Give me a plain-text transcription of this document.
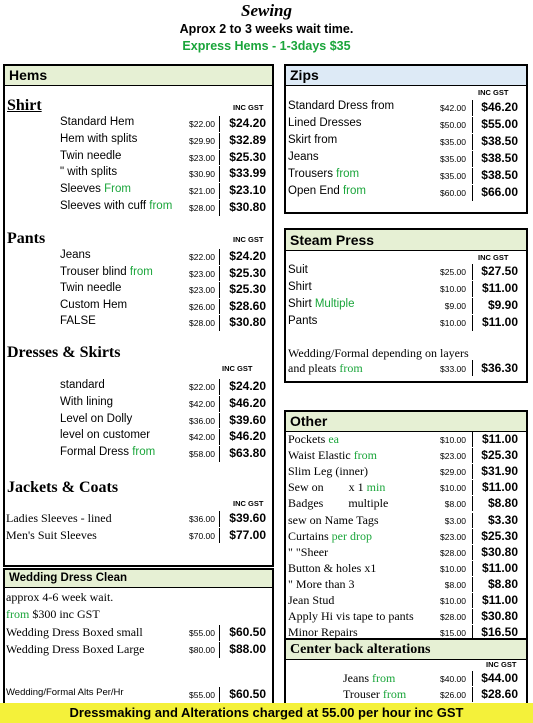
Sewing
Aprox 2 to 3 weeks wait time.
Express Hems - 1-3days $35
Hems
Shirt	INC GST
Pants	INC GST
Dresses & Skirts
INC GST
Jackets & Coats
INC GST
Wedding Dress Clean
approx 4-6 week wait.
from $300 inc GST
Zips
INC GST
Steam Press
INC GST
Wedding/Formal depending on layers
and pleats from	$33.00	$36.30
Other
Center back alterations
INC GST
Dressmaking and Alterations charged at 55.00 per hour inc GST
Standard Hem	$22.00	$24.20
Hem with splits	$29.90	$32.89
Twin needle	$23.00	$25.30
" with splits	$30.90	$33.99
Sleeves From	$21.00	$23.10
Sleeves with cuff from	$28.00	$30.80
Jeans	$22.00	$24.20
Trouser blind from	$23.00	$25.30
Twin needle	$23.00	$25.30
Custom Hem	$26.00	$28.60
FALSE	$28.00	$30.80
standard	$22.00	$24.20
With lining	$42.00	$46.20
Level on Dolly	$36.00	$39.60
level on customer	$42.00	$46.20
Formal Dress from	$58.00	$63.80
Ladies Sleeves - lined	$36.00	$39.60
Men's Suit Sleeves	$70.00	$77.00
Wedding Dress Boxed small	$55.00	$60.50
Wedding Dress Boxed Large	$80.00	$88.00
Wedding/Formal Alts Per/Hr	$55.00	$60.50
Standard Dress from	$42.00	$46.20
Lined Dresses	$50.00	$55.00
Skirt from	$35.00	$38.50
Jeans	$35.00	$38.50
Trousers from	$35.00	$38.50
Open End from	$60.00	$66.00
Suit	$25.00	$27.50
Shirt	$10.00	$11.00
Shirt Multiple	$9.00	$9.90
Pants	$10.00	$11.00
Pockets ea	$10.00	$11.00
Waist Elastic from	$23.00	$25.30
Slim Leg (inner)	$29.00	$31.90
Sew on x 1 min	$10.00	$11.00
Badges multiple	$8.00	$8.80
sew on Name Tags	$3.00	$3.30
Curtains per drop	$23.00	$25.30
" "Sheer	$28.00	$30.80
Button & holes x1	$10.00	$11.00
" More than 3	$8.00	$8.80
Jean Stud	$10.00	$11.00
Apply Hi vis tape to pants	$28.00	$30.80
Minor Repairs	$15.00	$16.50
Jeans from	$40.00	$44.00
Trouser from	$26.00	$28.60
